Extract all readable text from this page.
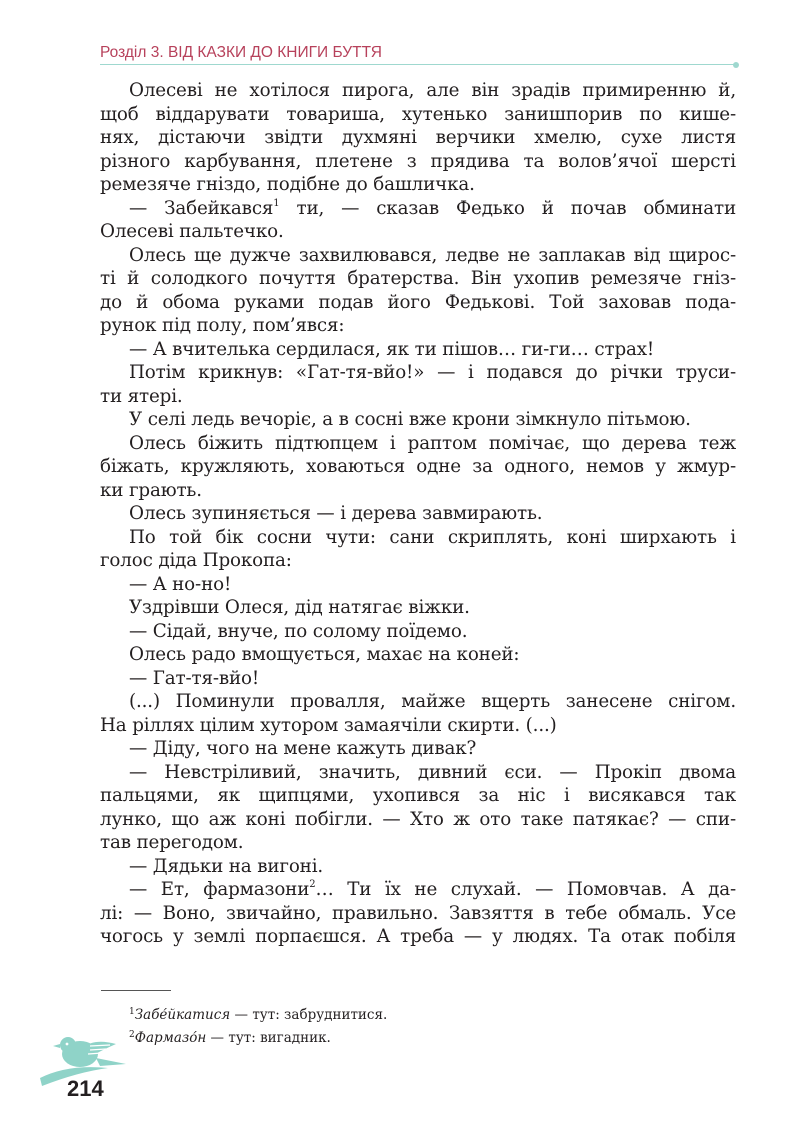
Розділ 3. ВІД КАЗКИ ДО КНИГИ БУТТЯ
Олесеві не хотілося пирога, але він зрадів примиренню й,
щоб віддарувати товариша, хутенько занишпорив по кише-
нях, дістаючи звідти духмяні верчики хмелю, сухе листя
різного карбування, плетене з прядива та волов’ячої шерсті
ремезяче гніздо, подібне до башличка.
— Забейкався$^1$ ти, — сказав Федько й почав обминати
Олесеві пальтечко.
Олесь ще дужче захвилювався, ледве не заплакав від щирос-
ті й солодкого почуття братерства. Він ухопив ремезяче гніз-
до й обома руками подав його Федькові. Той заховав пода-
рунок під полу, пом’явся:
— А вчителька сердилася, як ти пішов… ги-ги… страх!
Потім крикнув: «Гат-тя-вйо!» — і подався до річки труси-
ти ятері.
У селі ледь вечоріє, а в сосні вже крони зімкнуло пітьмою.
Олесь біжить підтюпцем і раптом помічає, що дерева теж
біжать, кружляють, ховаються одне за одного, немов у жмур-
ки грають.
Олесь зупиняється — і дерева завмирають.
По той бік сосни чути: сани скриплять, коні ширхають і
голос діда Прокопа:
— А но-но!
Уздрівши Олеся, дід натягає віжки.
— Сідай, внуче, по солому поїдемо.
Олесь радо вмощується, махає на коней:
— Гат-тя-вйо!
(...) Поминули провалля, майже вщерть занесене снігом.
На ріллях цілим хутором замаячіли скирти. (...)
— Діду, чого на мене кажуть дивак?
— Невстріливий, значить, дивний єси. — Прокіп двома
пальцями, як щипцями, ухопився за ніс і висякався так
лунко, що аж коні побігли. — Хто ж ото таке патякає? — спи-
тав перегодом.
— Дядьки на вигоні.
— Ет, фармазони$^2$… Ти їх не слухай. — Помовчав. А да-
лі: — Воно, звичайно, правильно. Завзяття в тебе обмаль. Усе
чогось у землі порпаєшся. А треба — у людях. Та отак побіля
$^1$Забе́йкатися — тут: забруднитися.
$^2$Фармазо́н — тут: вигадник.
214
